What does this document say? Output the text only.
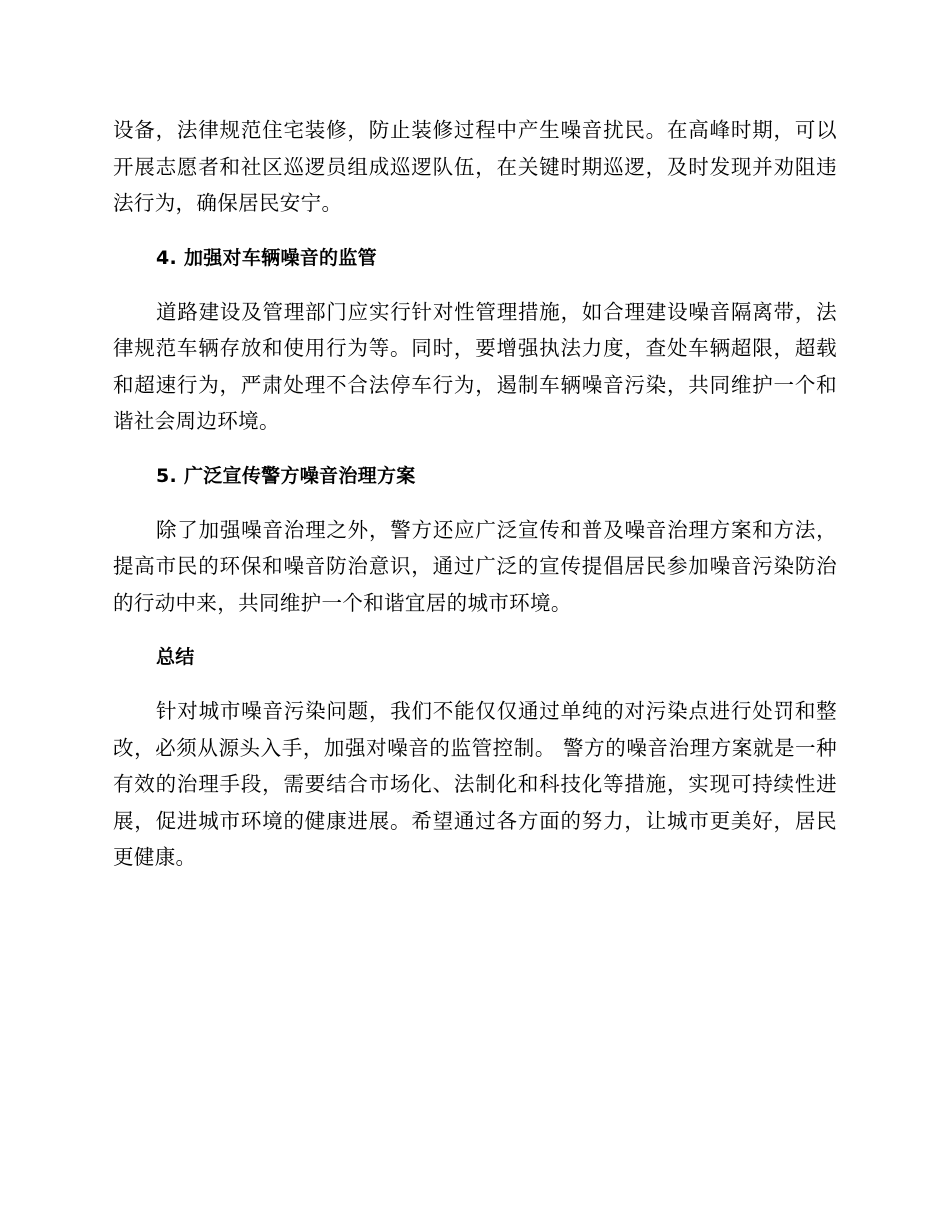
设备，法律规范住宅装修，防止装修过程中产生噪音扰民。在高峰时期，可以开展志愿者和社区巡逻员组成巡逻队伍，在关键时期巡逻，及时发现并劝阻违法行为，确保居民安宁。

4. 加强对车辆噪音的监管

道路建设及管理部门应实行针对性管理措施，如合理建设噪音隔离带，法律规范车辆存放和使用行为等。同时，要增强执法力度，查处车辆超限，超载和超速行为，严肃处理不合法停车行为，遏制车辆噪音污染，共同维护一个和谐社会周边环境。

5. 广泛宣传警方噪音治理方案

除了加强噪音治理之外，警方还应广泛宣传和普及噪音治理方案和方法，提高市民的环保和噪音防治意识，通过广泛的宣传提倡居民参加噪音污染防治的行动中来，共同维护一个和谐宜居的城市环境。

总结

针对城市噪音污染问题，我们不能仅仅通过单纯的对污染点进行处罚和整改，必须从源头入手，加强对噪音的监管控制。 警方的噪音治理方案就是一种有效的治理手段，需要结合市场化、法制化和科技化等措施，实现可持续性进展，促进城市环境的健康进展。希望通过各方面的努力，让城市更美好，居民更健康。
